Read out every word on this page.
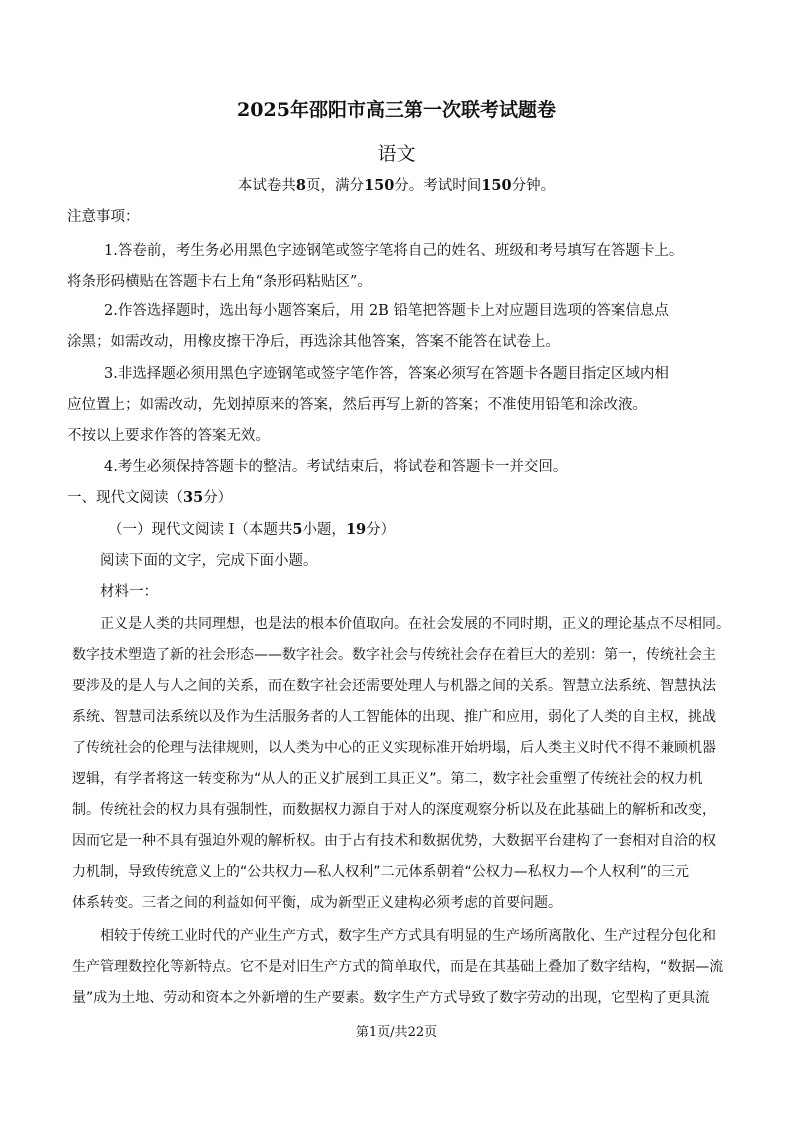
2025年邵阳市高三第一次联考试题卷
语文
本试卷共8页，满分150分。考试时间150分钟。
注意事项：
1.答卷前，考生务必用黑色字迹钢笔或签字笔将自己的姓名、班级和考号填写在答题卡上。
将条形码横贴在答题卡右上角“条形码粘贴区”。
2.作答选择题时，选出每小题答案后，用 2B 铅笔把答题卡上对应题目选项的答案信息点
涂黑；如需改动，用橡皮擦干净后，再选涂其他答案，答案不能答在试卷上。
3.非选择题必须用黑色字迹钢笔或签字笔作答，答案必须写在答题卡各题目指定区域内相
应位置上；如需改动，先划掉原来的答案，然后再写上新的答案；不准使用铅笔和涂改液。
不按以上要求作答的答案无效。
4.考生必须保持答题卡的整洁。考试结束后，将试卷和答题卡一并交回。
一、现代文阅读（35分）
（一）现代文阅读 I（本题共5小题，19分）
阅读下面的文字，完成下面小题。
材料一：
正义是人类的共同理想，也是法的根本价值取向。在社会发展的不同时期，正义的理论基点不尽相同。
数字技术塑造了新的社会形态——数字社会。数字社会与传统社会存在着巨大的差别：第一，传统社会主
要涉及的是人与人之间的关系，而在数字社会还需要处理人与机器之间的关系。智慧立法系统、智慧执法
系统、智慧司法系统以及作为生活服务者的人工智能体的出现、推广和应用，弱化了人类的自主权，挑战
了传统社会的伦理与法律规则，以人类为中心的正义实现标准开始坍塌，后人类主义时代不得不兼顾机器
逻辑，有学者将这一转变称为“从人的正义扩展到工具正义”。第二，数字社会重塑了传统社会的权力机
制。传统社会的权力具有强制性，而数据权力源自于对人的深度观察分析以及在此基础上的解析和改变，
因而它是一种不具有强迫外观的解析权。由于占有技术和数据优势，大数据平台建构了一套相对自洽的权
力机制，导致传统意义上的“公共权力—私人权利”二元体系朝着“公权力—私权力—个人权利”的三元
体系转变。三者之间的利益如何平衡，成为新型正义建构必须考虑的首要问题。
相较于传统工业时代的产业生产方式，数字生产方式具有明显的生产场所离散化、生产过程分包化和
生产管理数控化等新特点。它不是对旧生产方式的简单取代，而是在其基础上叠加了数字结构，“数据—流
量”成为土地、劳动和资本之外新增的生产要素。数字生产方式导致了数字劳动的出现，它型构了更具流
第1页/共22页
